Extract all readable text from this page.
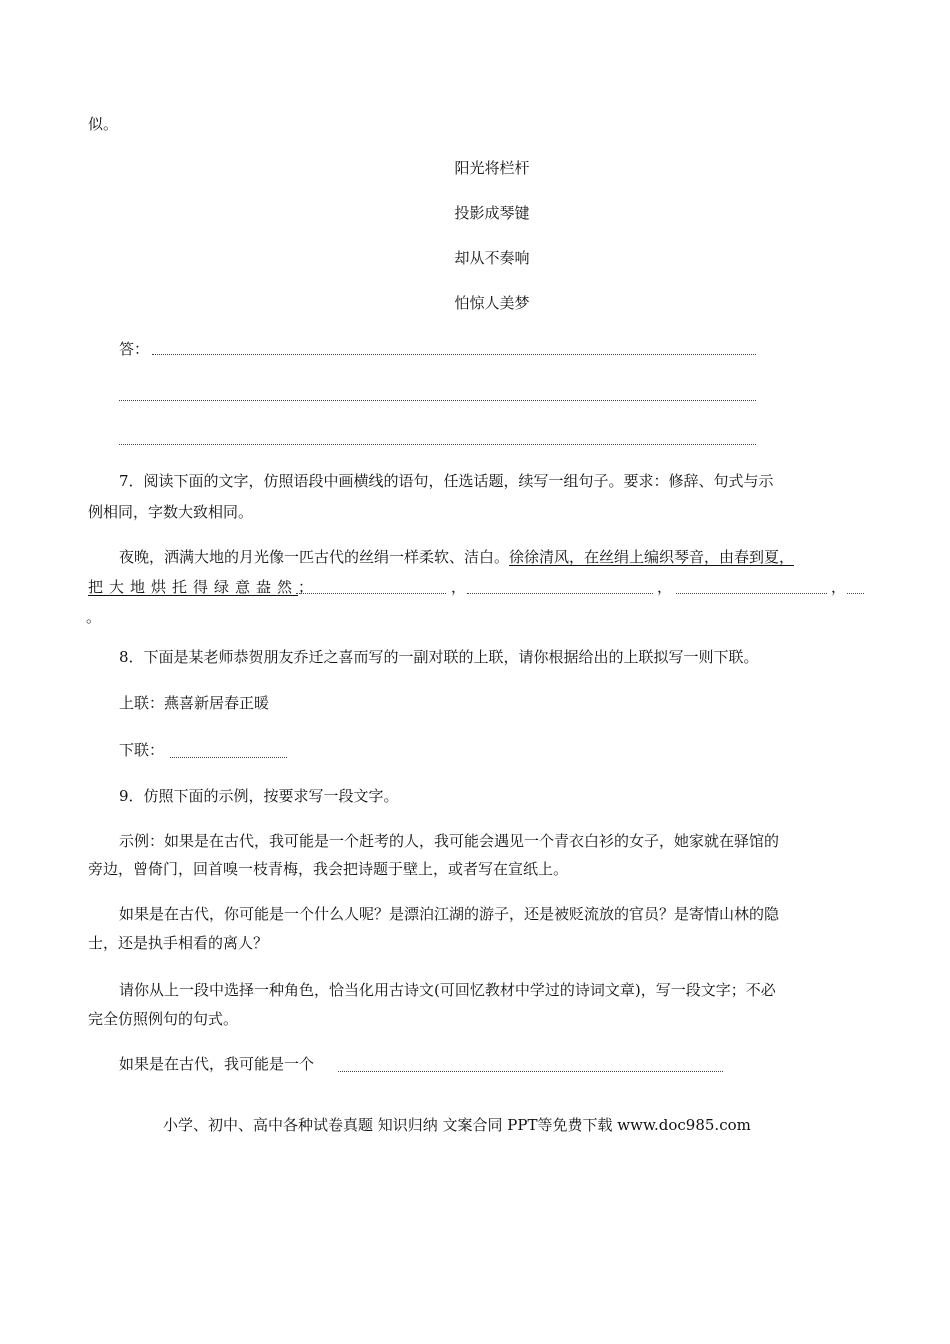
似。
阳光将栏杆
投影成琴键
却从不奏响
怕惊人美梦
答：
7．阅读下面的文字，仿照语段中画横线的语句，任选话题，续写一组句子。要求：修辞、句式与示
例相同，字数大致相同。
夜晚，洒满大地的月光像一匹古代的丝绢一样柔软、洁白。徐徐清风，在丝绢上编织琴音，由春到夏，
把大地烘托得绿意盎然；	，	，	，
。
8．下面是某老师恭贺朋友乔迁之喜而写的一副对联的上联，请你根据给出的上联拟写一则下联。
上联：燕喜新居春正暖
下联：
9．仿照下面的示例，按要求写一段文字。
示例：如果是在古代，我可能是一个赶考的人，我可能会遇见一个青衣白衫的女子，她家就在驿馆的
旁边，曾倚门，回首嗅一枝青梅，我会把诗题于壁上，或者写在宣纸上。
如果是在古代，你可能是一个什么人呢？是漂泊江湖的游子，还是被贬流放的官员？是寄情山林的隐
士，还是执手相看的离人？
请你从上一段中选择一种角色，恰当化用古诗文(可回忆教材中学过的诗词文章)，写一段文字；不必
完全仿照例句的句式。
如果是在古代，我可能是一个
小学、初中、高中各种试卷真题 知识归纳 文案合同 PPT等免费下载 www.doc985.com
